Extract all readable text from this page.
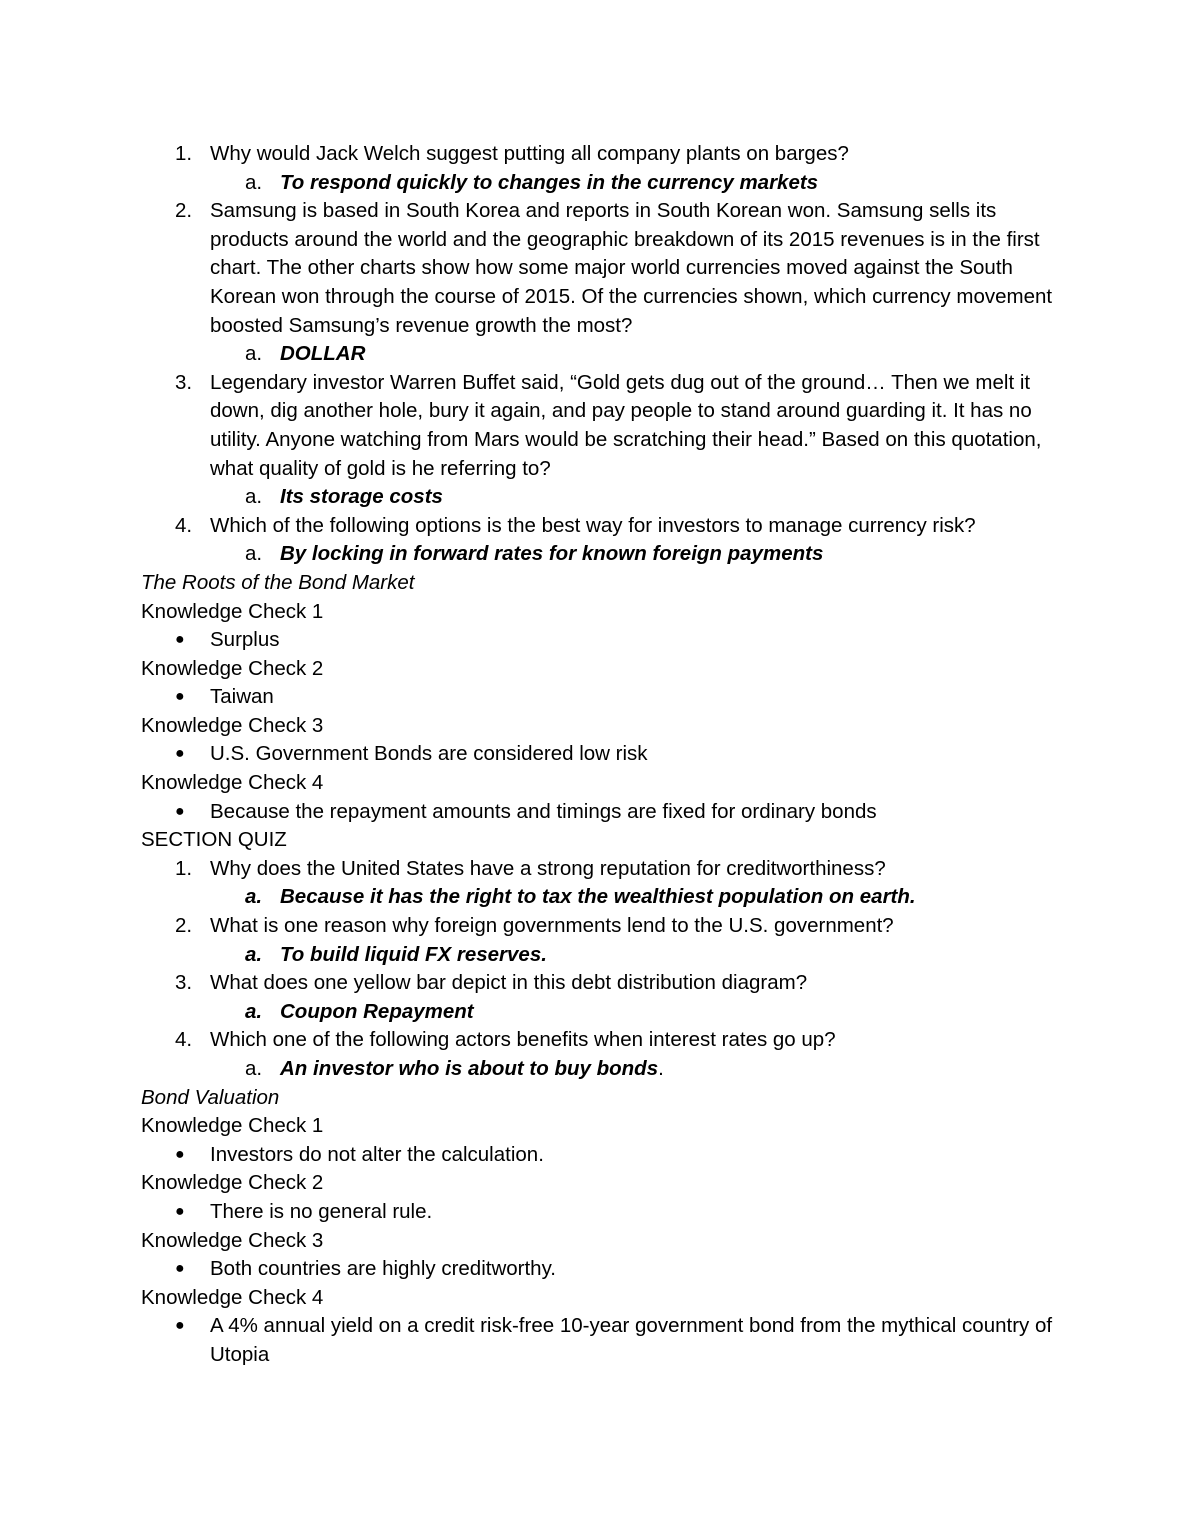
1. Why would Jack Welch suggest putting all company plants on barges?
a. To respond quickly to changes in the currency markets
2. Samsung is based in South Korea and reports in South Korean won. Samsung sells its products around the world and the geographic breakdown of its 2015 revenues is in the first chart. The other charts show how some major world currencies moved against the South Korean won through the course of 2015. Of the currencies shown, which currency movement boosted Samsung’s revenue growth the most?
a. DOLLAR
3. Legendary investor Warren Buffet said, “Gold gets dug out of the ground… Then we melt it down, dig another hole, bury it again, and pay people to stand around guarding it. It has no utility. Anyone watching from Mars would be scratching their head.” Based on this quotation, what quality of gold is he referring to?
a. Its storage costs
4. Which of the following options is the best way for investors to manage currency risk?
a. By locking in forward rates for known foreign payments
The Roots of the Bond Market
Knowledge Check 1
●	Surplus
Knowledge Check 2
●	Taiwan
Knowledge Check 3
●	U.S. Government Bonds are considered low risk
Knowledge Check 4
●	Because the repayment amounts and timings are fixed for ordinary bonds
SECTION QUIZ
1. Why does the United States have a strong reputation for creditworthiness?
a. Because it has the right to tax the wealthiest population on earth.
2. What is one reason why foreign governments lend to the U.S. government?
a. To build liquid FX reserves.
3. What does one yellow bar depict in this debt distribution diagram?
a. Coupon Repayment
4. Which one of the following actors benefits when interest rates go up?
a. An investor who is about to buy bonds.
Bond Valuation
Knowledge Check 1
●	Investors do not alter the calculation.
Knowledge Check 2
●	There is no general rule.
Knowledge Check 3
●	Both countries are highly creditworthy.
Knowledge Check 4
●	A 4% annual yield on a credit risk-free 10-year government bond from the mythical country of Utopia
